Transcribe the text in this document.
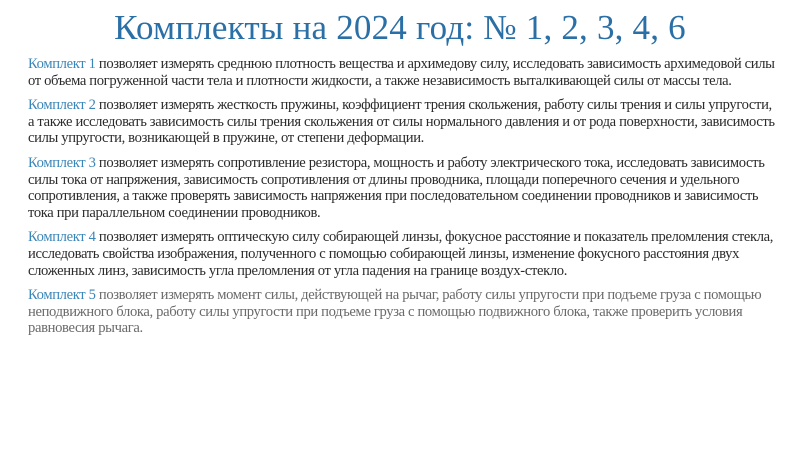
Комплекты на 2024 год: № 1, 2, 3, 4, 6

Комплект 1 позволяет измерять среднюю плотность вещества и архимедову силу, исследовать зависимость архимедовой силы от объема погруженной части тела и плотности жидкости, а также независимость выталкивающей силы от массы тела.

Комплект 2 позволяет измерять жесткость пружины, коэффициент трения скольжения, работу силы трения и силы упругости, а также исследовать зависимость силы трения скольжения от силы нормального давления и от рода поверхности, зависимость силы упругости, возникающей в пружине, от степени деформации.

Комплект 3 позволяет измерять сопротивление резистора, мощность и работу электрического тока, исследовать зависимость силы тока от напряжения, зависимость сопротивления от длины проводника, площади поперечного сечения и удельного сопротивления, а также проверять зависимость напряжения при последовательном соединении проводников и зависимость тока при параллельном соединении проводников.

Комплект 4 позволяет измерять оптическую силу собирающей линзы, фокусное расстояние и показатель преломления стекла, исследовать свойства изображения, полученного с помощью собирающей линзы, изменение фокусного расстояния двух сложенных линз, зависимость угла преломления от угла падения на границе воздух-стекло.

Комплект 5 позволяет измерять момент силы, действующей на рычаг, работу силы упругости при подъеме груза с помощью неподвижного блока, работу силы упругости при подъеме груза с помощью подвижного блока, также проверить условия равновесия рычага.
